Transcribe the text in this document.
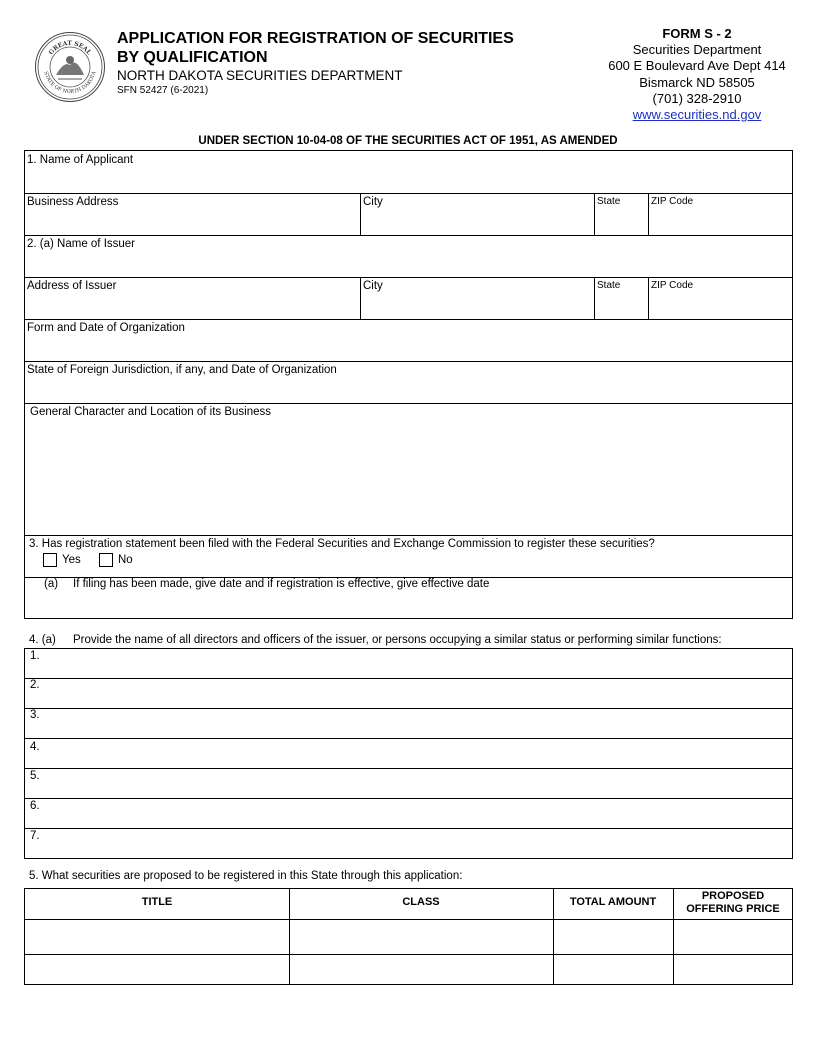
GREAT SEAL
STATE OF NORTH DAKOTA
APPLICATION FOR REGISTRATION OF SECURITIES
BY QUALIFICATION
NORTH DAKOTA SECURITIES DEPARTMENT
SFN 52427 (6-2021)
FORM S - 2
Securities Department
600 E Boulevard Ave Dept 414
Bismarck ND 58505
(701) 328-2910
www.securities.nd.gov
UNDER SECTION 10-04-08 OF THE SECURITIES ACT OF 1951, AS AMENDED
1. Name of Applicant
Business Address	City	State	ZIP Code
2. (a) Name of Issuer
Address of Issuer	City	State	ZIP Code
Form and Date of Organization
State of Foreign Jurisdiction, if any, and Date of Organization
General Character and Location of its Business
3. Has registration statement been filed with the Federal Securities and Exchange Commission to register these securities?
Yes	No
(a) If filing has been made, give date and if registration is effective, give effective date
4. (a) Provide the name of all directors and officers of the issuer, or persons occupying a similar status or performing similar functions:
1.
2.
3.
4.
5.
6.
7.
5. What securities are proposed to be registered in this State through this application:
TITLE	CLASS	TOTAL AMOUNT	PROPOSED
OFFERING PRICE
